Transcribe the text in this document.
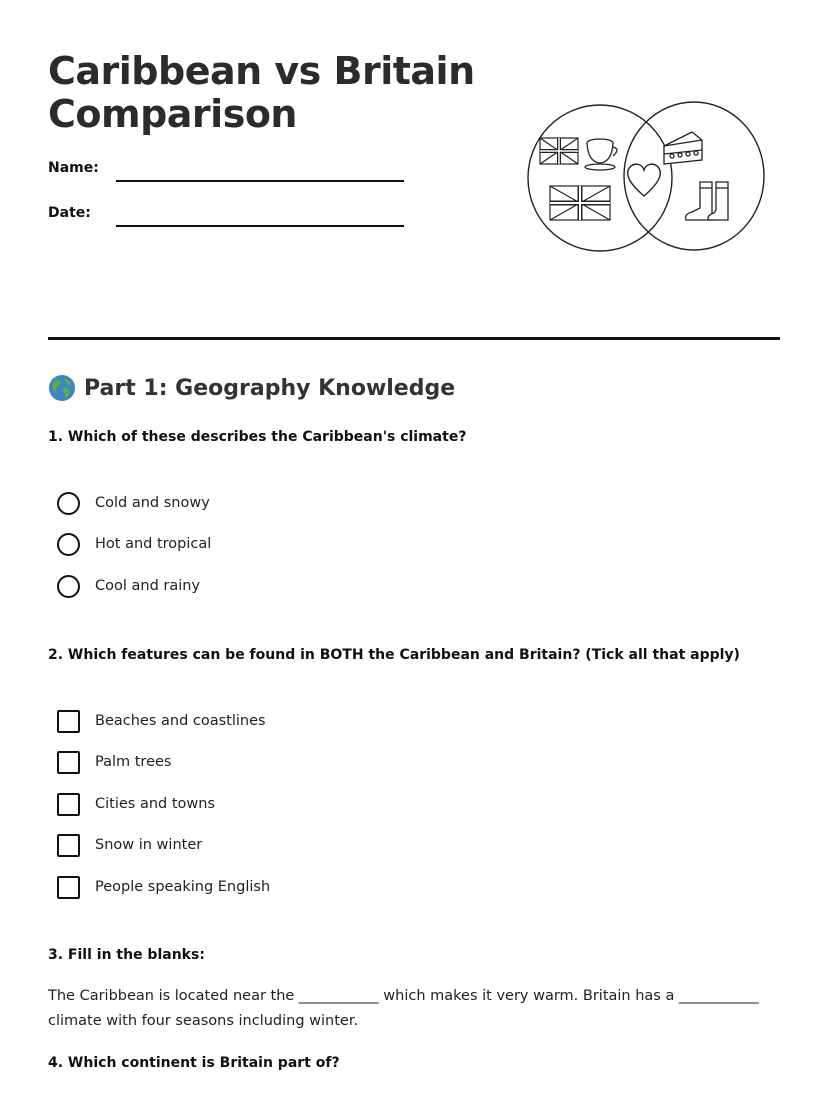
Caribbean vs Britain
Comparison
Name:
Date:
Part 1: Geography Knowledge
1. Which of these describes the Caribbean's climate?
Cold and snowy
Hot and tropical
Cool and rainy
2. Which features can be found in BOTH the Caribbean and Britain? (Tick all that apply)
Beaches and coastlines
Palm trees
Cities and towns
Snow in winter
People speaking English
3. Fill in the blanks:

The Caribbean is located near the ___________ which makes it very warm. Britain has a ___________ climate with four seasons including winter.

4. Which continent is Britain part of?
